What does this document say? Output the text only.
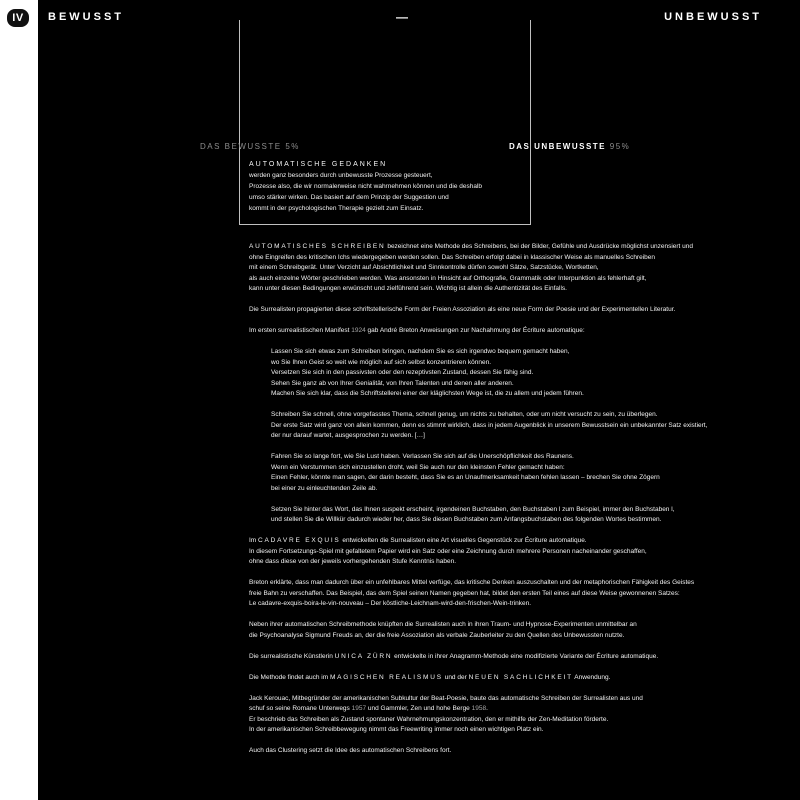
IV	BEWUSST	—	UNBEWUSST
DAS BEWUSSTE 5%	DAS UNBEWUSSTE 95%
AUTOMATISCHE GEDANKEN
werden ganz besonders durch unbewusste Prozesse gesteuert,
Prozesse also, die wir normalerweise nicht wahrnehmen können und die deshalb
umso stärker wirken. Das basiert auf dem Prinzip der Suggestion und
kommt in der psychologischen Therapie gezielt zum Einsatz.

AUTOMATISCHES SCHREIBEN bezeichnet eine Methode des Schreibens, bei der Bilder, Gefühle und Ausdrücke möglichst unzensiert und
ohne Eingreifen des kritischen Ichs wiedergegeben werden sollen. Das Schreiben erfolgt dabei in klassischer Weise als manuelles Schreiben
mit einem Schreibgerät. Unter Verzicht auf Absichtlichkeit und Sinnkontrolle dürfen sowohl Sätze, Satzstücke, Wortketten,
als auch einzelne Wörter geschrieben werden. Was ansonsten in Hinsicht auf Orthografie, Grammatik oder Interpunktion als fehlerhaft gilt,
kann unter diesen Bedingungen erwünscht und zielführend sein. Wichtig ist allein die Authentizität des Einfalls.

Die Surrealisten propagierten diese schriftstellerische Form der Freien Assoziation als eine neue Form der Poesie und der Experimentellen Literatur.

Im ersten surrealistischen Manifest 1924 gab André Breton Anweisungen zur Nachahmung der Écriture automatique:

Lassen Sie sich etwas zum Schreiben bringen, nachdem Sie es sich irgendwo bequem gemacht haben,
wo Sie Ihren Geist so weit wie möglich auf sich selbst konzentrieren können.
Versetzen Sie sich in den passivsten oder den rezeptivsten Zustand, dessen Sie fähig sind.
Sehen Sie ganz ab von Ihrer Genialität, von Ihren Talenten und denen aller anderen.
Machen Sie sich klar, dass die Schriftstellerei einer der kläglichsten Wege ist, die zu allem und jedem führen.

Schreiben Sie schnell, ohne vorgefasstes Thema, schnell genug, um nichts zu behalten, oder um nicht versucht zu sein, zu überlegen.
Der erste Satz wird ganz von allein kommen, denn es stimmt wirklich, dass in jedem Augenblick in unserem Bewusstsein ein unbekannter Satz existiert,
der nur darauf wartet, ausgesprochen zu werden. […]

Fahren Sie so lange fort, wie Sie Lust haben. Verlassen Sie sich auf die Unerschöpflichkeit des Raunens.
Wenn ein Verstummen sich einzustellen droht, weil Sie auch nur den kleinsten Fehler gemacht haben:
Einen Fehler, könnte man sagen, der darin besteht, dass Sie es an Unaufmerksamkeit haben fehlen lassen – brechen Sie ohne Zögern
bei einer zu einleuchtenden Zeile ab.

Setzen Sie hinter das Wort, das Ihnen suspekt erscheint, irgendeinen Buchstaben, den Buchstaben l zum Beispiel, immer den Buchstaben l,
und stellen Sie die Willkür dadurch wieder her, dass Sie diesen Buchstaben zum Anfangsbuchstaben des folgenden Wortes bestimmen.

Im CADAVRE EXQUIS entwickelten die Surrealisten eine Art visuelles Gegenstück zur Écriture automatique.
In diesem Fortsetzungs-Spiel mit gefaltetem Papier wird ein Satz oder eine Zeichnung durch mehrere Personen nacheinander geschaffen,
ohne dass diese von der jeweils vorhergehenden Stufe Kenntnis haben.

Breton erklärte, dass man dadurch über ein unfehlbares Mittel verfüge, das kritische Denken auszuschalten und der metaphorischen Fähigkeit des Geistes
freie Bahn zu verschaffen. Das Beispiel, das dem Spiel seinen Namen gegeben hat, bildet den ersten Teil eines auf diese Weise gewonnenen Satzes:
Le cadavre-exquis-boira-le-vin-nouveau – Der köstliche-Leichnam-wird-den-frischen-Wein-trinken.

Neben ihrer automatischen Schreibmethode knüpften die Surrealisten auch in ihren Traum- und Hypnose-Experimenten unmittelbar an
die Psychoanalyse Sigmund Freuds an, der die freie Assoziation als verbale Zauberleiter zu den Quellen des Unbewussten nutzte.

Die surrealistische Künstlerin UNICA ZÜRN entwickelte in ihrer Anagramm-Methode eine modifizierte Variante der Écriture automatique.

Die Methode findet auch im MAGISCHEN REALISMUS und der NEUEN SACHLICHKEIT Anwendung.

Jack Kerouac, Mitbegründer der amerikanischen Subkultur der Beat-Poesie, baute das automatische Schreiben der Surrealisten aus und
schuf so seine Romane Unterwegs 1957 und Gammler, Zen und hohe Berge 1958.
Er beschrieb das Schreiben als Zustand spontaner Wahrnehmungskonzentration, den er mithilfe der Zen-Meditation förderte.
In der amerikanischen Schreibbewegung nimmt das Freewriting immer noch einen wichtigen Platz ein.

Auch das Clustering setzt die Idee des automatischen Schreibens fort.
